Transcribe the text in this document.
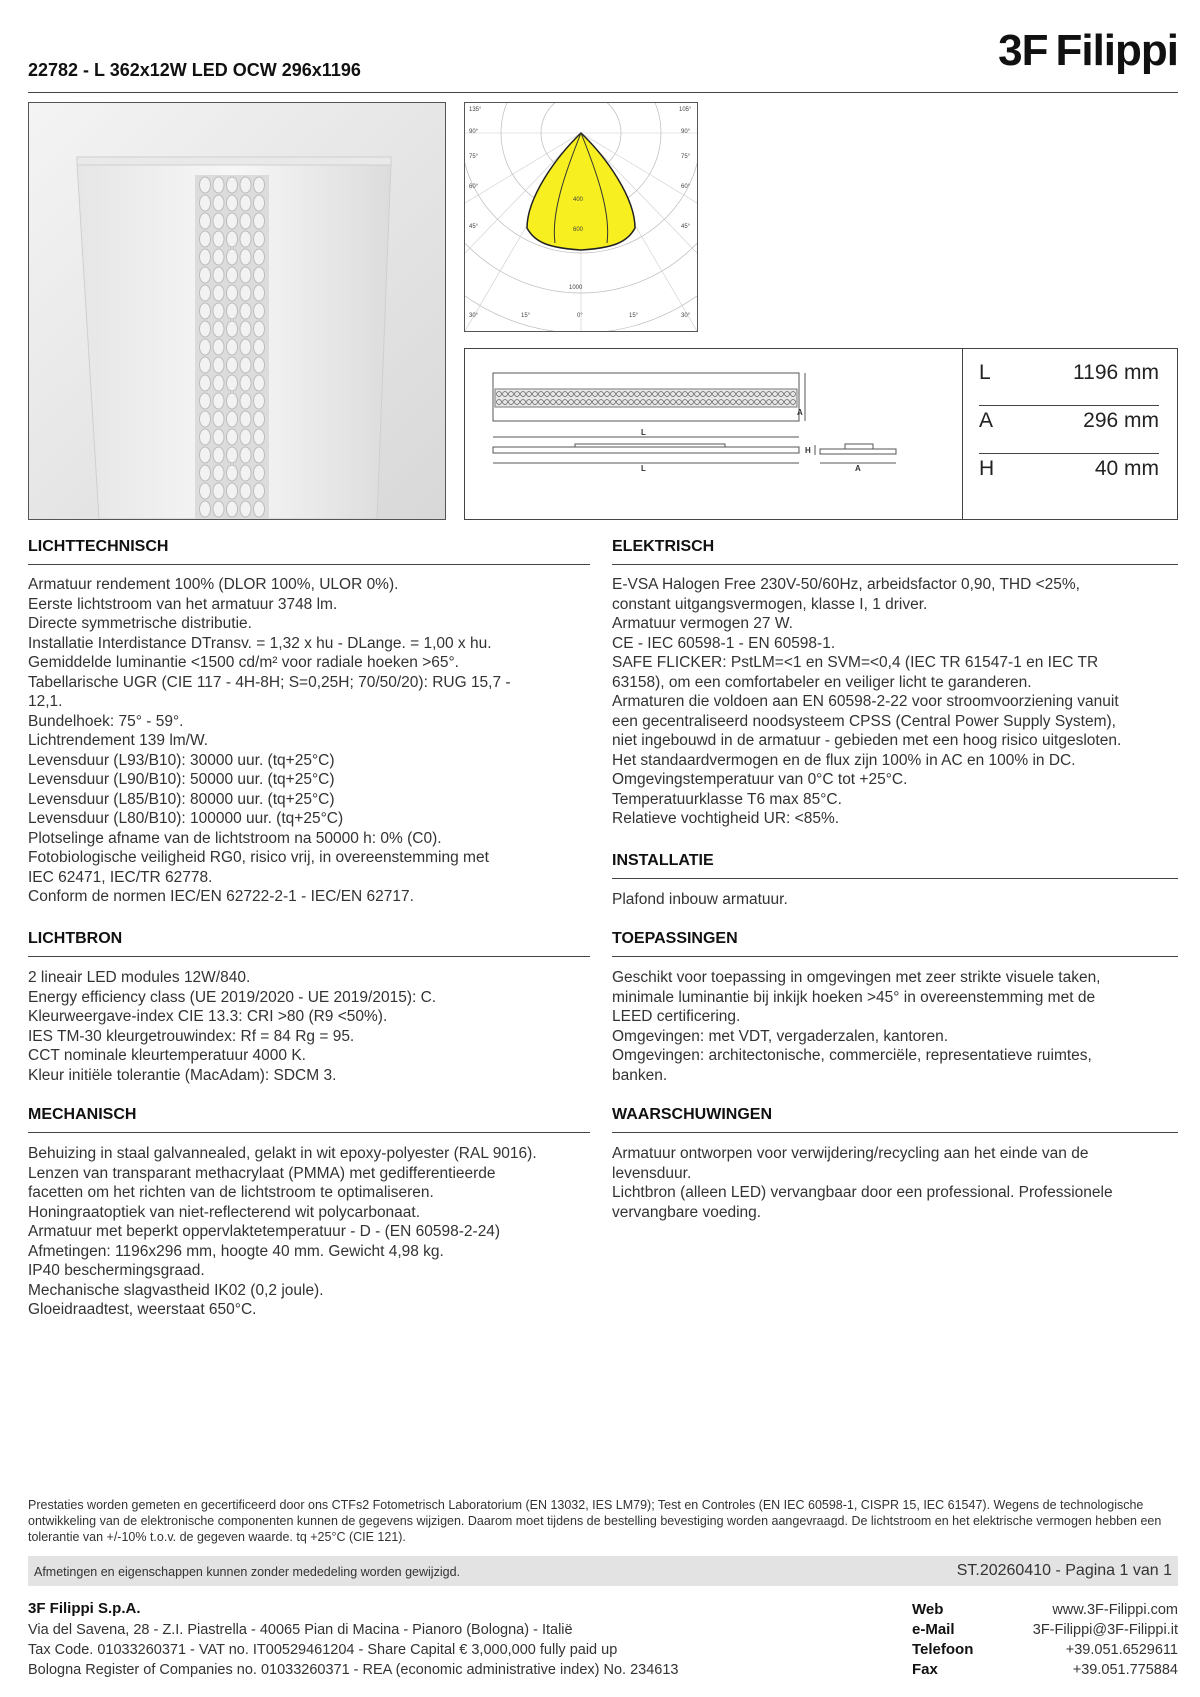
22782 - L 362x12W LED OCW 296x1196	3F Filippi
135°
90°
75°
60°
45°
105°
90°
75°
60°
45°
30°	15°	0°	15°	30°
400
600
1000
A
L
L
H
A
L	1196 mm
A	296 mm
H	40 mm
LICHTTECHNISCH
Armatuur rendement 100% (DLOR 100%, ULOR 0%).
Eerste lichtstroom van het armatuur 3748 lm.
Directe symmetrische distributie.
Installatie Interdistance DTransv. = 1,32 x hu - DLange. = 1,00 x hu.
Gemiddelde luminantie <1500 cd/m² voor radiale hoeken >65°.
Tabellarische UGR (CIE 117 - 4H-8H; S=0,25H; 70/50/20): RUG 15,7 -
12,1.
Bundelhoek: 75° - 59°.
Lichtrendement 139 lm/W.
Levensduur (L93/B10): 30000 uur. (tq+25°C)
Levensduur (L90/B10): 50000 uur. (tq+25°C)
Levensduur (L85/B10): 80000 uur. (tq+25°C)
Levensduur (L80/B10): 100000 uur. (tq+25°C)
Plotselinge afname van de lichtstroom na 50000 h: 0% (C0).
Fotobiologische veiligheid RG0, risico vrij, in overeenstemming met
IEC 62471, IEC/TR 62778.
Conform de normen IEC/EN 62722-2-1 - IEC/EN 62717.
LICHTBRON
2 lineair LED modules 12W/840.
Energy efficiency class (UE 2019/2020 - UE 2019/2015): C.
Kleurweergave-index CIE 13.3: CRI >80 (R9 <50%).
IES TM-30 kleurgetrouwindex: Rf = 84 Rg = 95.
CCT nominale kleurtemperatuur 4000 K.
Kleur initiële tolerantie (MacAdam): SDCM 3.
MECHANISCH
Behuizing in staal galvannealed, gelakt in wit epoxy-polyester (RAL 9016).
Lenzen van transparant methacrylaat (PMMA) met gedifferentieerde
facetten om het richten van de lichtstroom te optimaliseren.
Honingraatoptiek van niet-reflecterend wit polycarbonaat.
Armatuur met beperkt oppervlaktetemperatuur - D - (EN 60598-2-24)
Afmetingen: 1196x296 mm, hoogte 40 mm. Gewicht 4,98 kg.
IP40 beschermingsgraad.
Mechanische slagvastheid IK02 (0,2 joule).
Gloeidraadtest, weerstaat 650°C.
ELEKTRISCH
E-VSA Halogen Free 230V-50/60Hz, arbeidsfactor 0,90, THD <25%,
constant uitgangsvermogen, klasse I, 1 driver.
Armatuur vermogen 27 W.
CE - IEC 60598-1 - EN 60598-1.
SAFE FLICKER: PstLM=<1 en SVM=<0,4 (IEC TR 61547-1 en IEC TR
63158), om een comfortabeler en veiliger licht te garanderen.
Armaturen die voldoen aan EN 60598-2-22 voor stroomvoorziening vanuit
een gecentraliseerd noodsysteem CPSS (Central Power Supply System),
niet ingebouwd in de armatuur - gebieden met een hoog risico uitgesloten.
Het standaardvermogen en de flux zijn 100% in AC en 100% in DC.
Omgevingstemperatuur van 0°C tot +25°C.
Temperatuurklasse T6 max 85°C.
Relatieve vochtigheid UR: <85%.
INSTALLATIE
Plafond inbouw armatuur.
TOEPASSINGEN
Geschikt voor toepassing in omgevingen met zeer strikte visuele taken,
minimale luminantie bij inkijk hoeken >45° in overeenstemming met de
LEED certificering.
Omgevingen: met VDT, vergaderzalen, kantoren.
Omgevingen: architectonische, commerciële, representatieve ruimtes,
banken.
WAARSCHUWINGEN
Armatuur ontworpen voor verwijdering/recycling aan het einde van de
levensduur.
Lichtbron (alleen LED) vervangbaar door een professional. Professionele
vervangbare voeding.
Prestaties worden gemeten en gecertificeerd door ons CTFs2 Fotometrisch Laboratorium (EN 13032, IES LM79); Test en Controles (EN IEC 60598-1, CISPR 15, IEC 61547). Wegens de technologische ontwikkeling van de elektronische componenten kunnen de gegevens wijzigen. Daarom moet tijdens de bestelling bevestiging worden aangevraagd. De lichtstroom en het elektrische vermogen hebben een tolerantie van +/-10% t.o.v. de gegeven waarde. tq +25°C (CIE 121).
Afmetingen en eigenschappen kunnen zonder mededeling worden gewijzigd.	ST.20260410 - Pagina 1 van 1
3F Filippi S.p.A.
Via del Savena, 28 - Z.I. Piastrella - 40065 Pian di Macina - Pianoro (Bologna) - Italië
Tax Code. 01033260371 - VAT no. IT00529461204 - Share Capital € 3,000,000 fully paid up
Bologna Register of Companies no. 01033260371 - REA (economic administrative index) No. 234613
Web	www.3F-Filippi.com
e-Mail	3F-Filippi@3F-Filippi.it
Telefoon	+39.051.6529611
Fax	+39.051.775884
